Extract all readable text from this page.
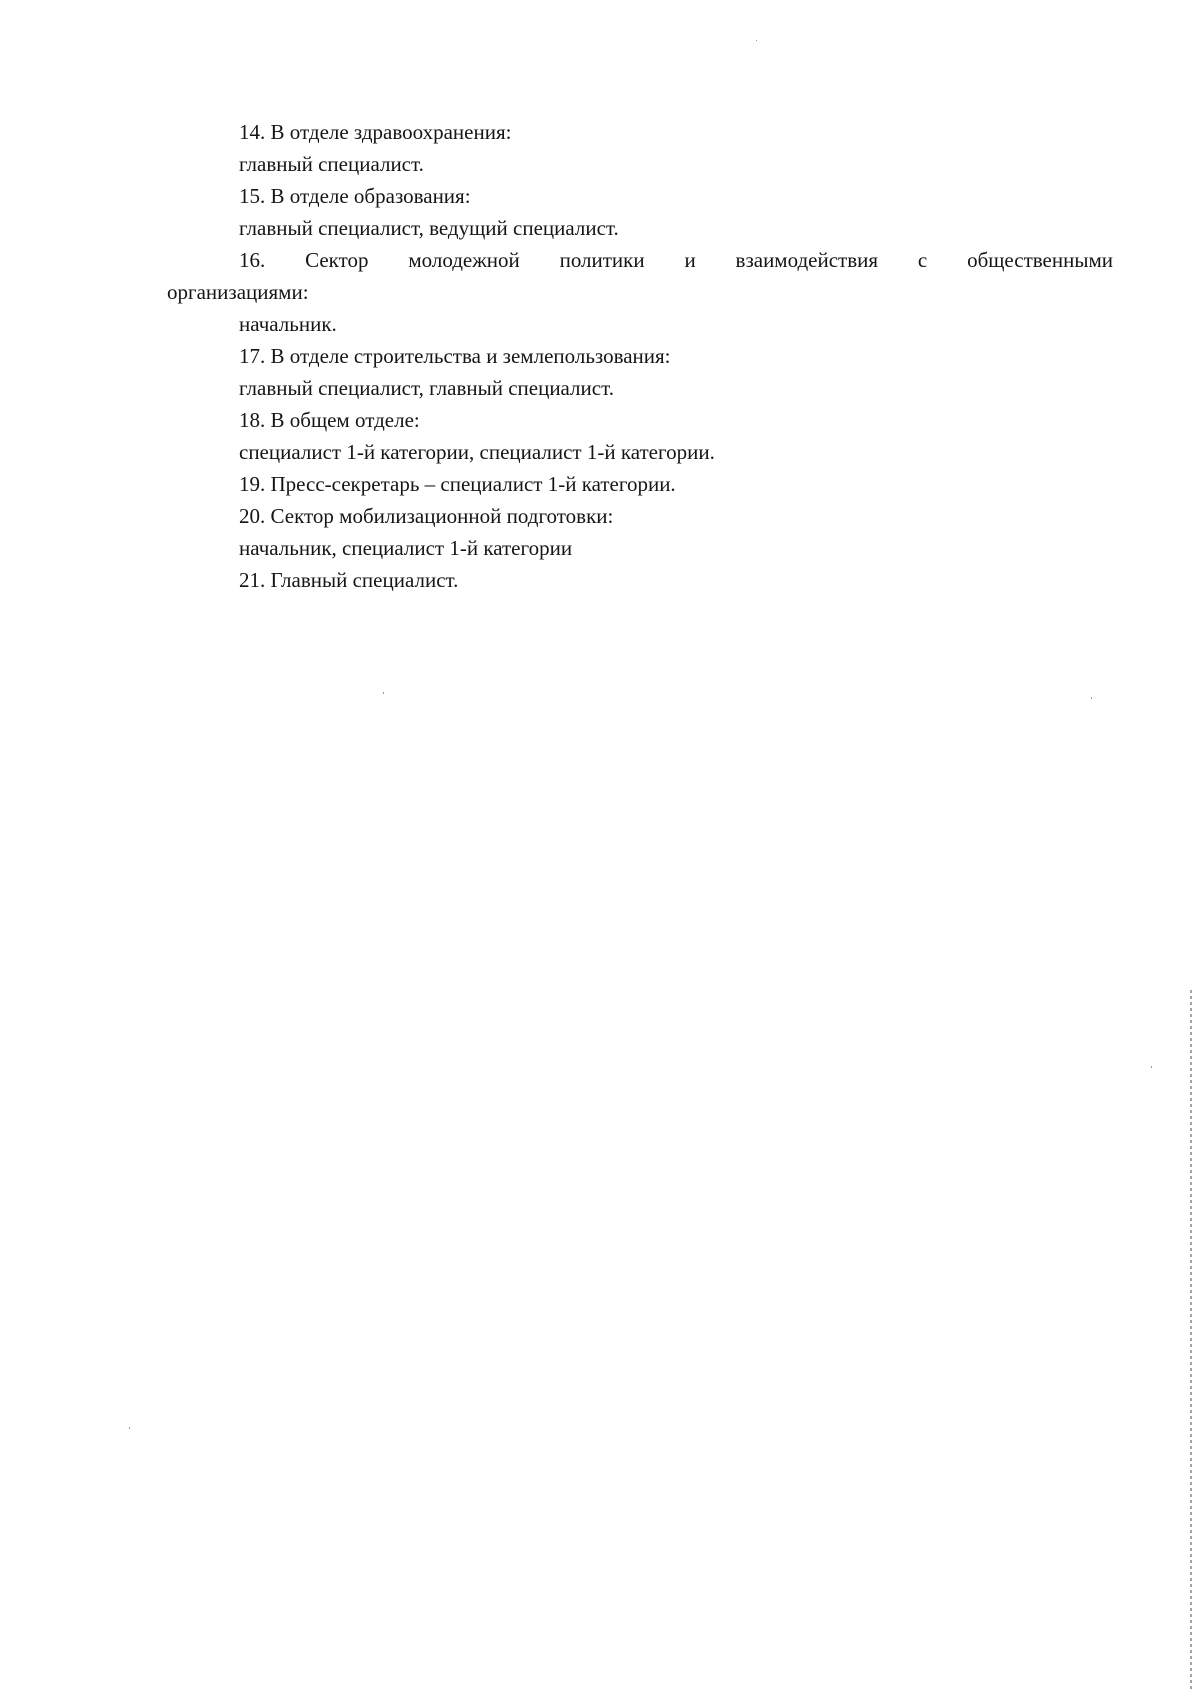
14. В отделе здравоохранения:
главный специалист.
15. В отделе образования:
главный специалист, ведущий специалист.
16. Сектор молодежной политики и взаимодействия с общественными
организациями:
начальник.
17. В отделе строительства и землепользования:
главный специалист, главный специалист.
18. В общем отделе:
специалист 1-й категории, специалист 1-й категории.
19. Пресс-секретарь – специалист 1-й категории.
20. Сектор мобилизационной подготовки:
начальник, специалист 1-й категории
21. Главный специалист.
